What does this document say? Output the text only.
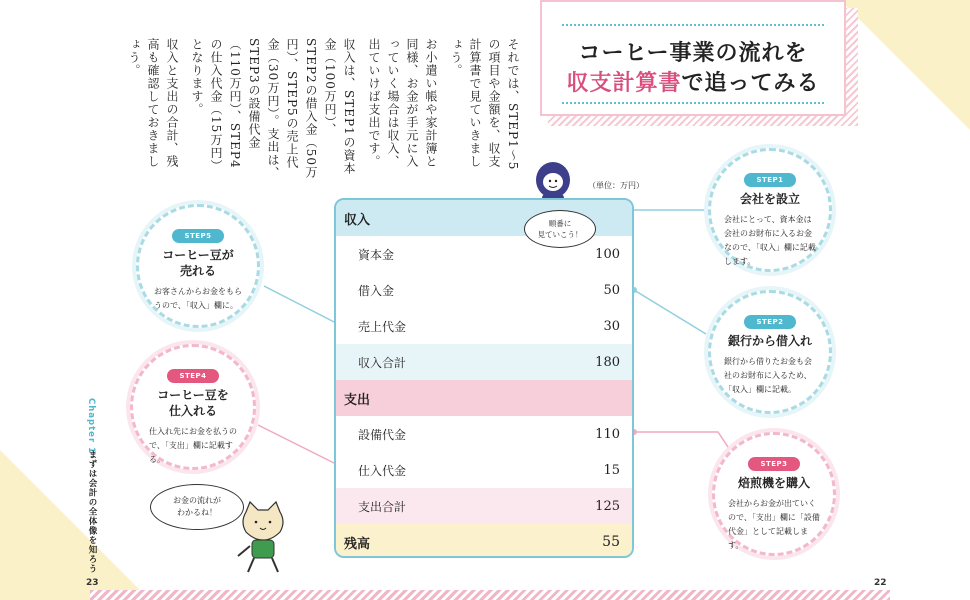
それでは、STEP1〜5の項目や金額を、収支計算書で見ていきましょう。

お小遣い帳や家計簿と同様、お金が手元に入っていく場合は収入、出ていけば支出です。

収入は、STEP1の資本金（100万円）、STEP2の借入金（50万円）、STEP5の売上代金（30万円）。支出は、STEP3の設備代金（110万円）、STEP4の仕入代金（15万円）となります。

収入と支出の合計、残高も確認しておきましょう。

Chapter 1
まずは会計の全体像を知ろう
23	22
コーヒー事業の流れを
収支計算書で追ってみる
（単位：万円）
収入
資本金	100
借入金	50
売上代金	30
収入合計	180
支出
設備代金	110
仕入代金	15
支出合計	125
残高	55
順番に
見ていこう！
STEP1
会社を設立
会社にとって、資本金は会社のお財布に入るお金なので、「収入」欄に記載します。
STEP2
銀行から借入れ
銀行から借りたお金も会社のお財布に入るため、「収入」欄に記載。
STEP3
焙煎機を購入
会社からお金が出ていくので、「支出」欄に「設備代金」として記載します。
STEP4
コーヒー豆を
仕入れる
仕入れ先にお金を払うので、「支出」欄に記載する。
STEP5
コーヒー豆が
売れる
お客さんからお金をもらうので、「収入」欄に。
お金の流れが
わかるね！
